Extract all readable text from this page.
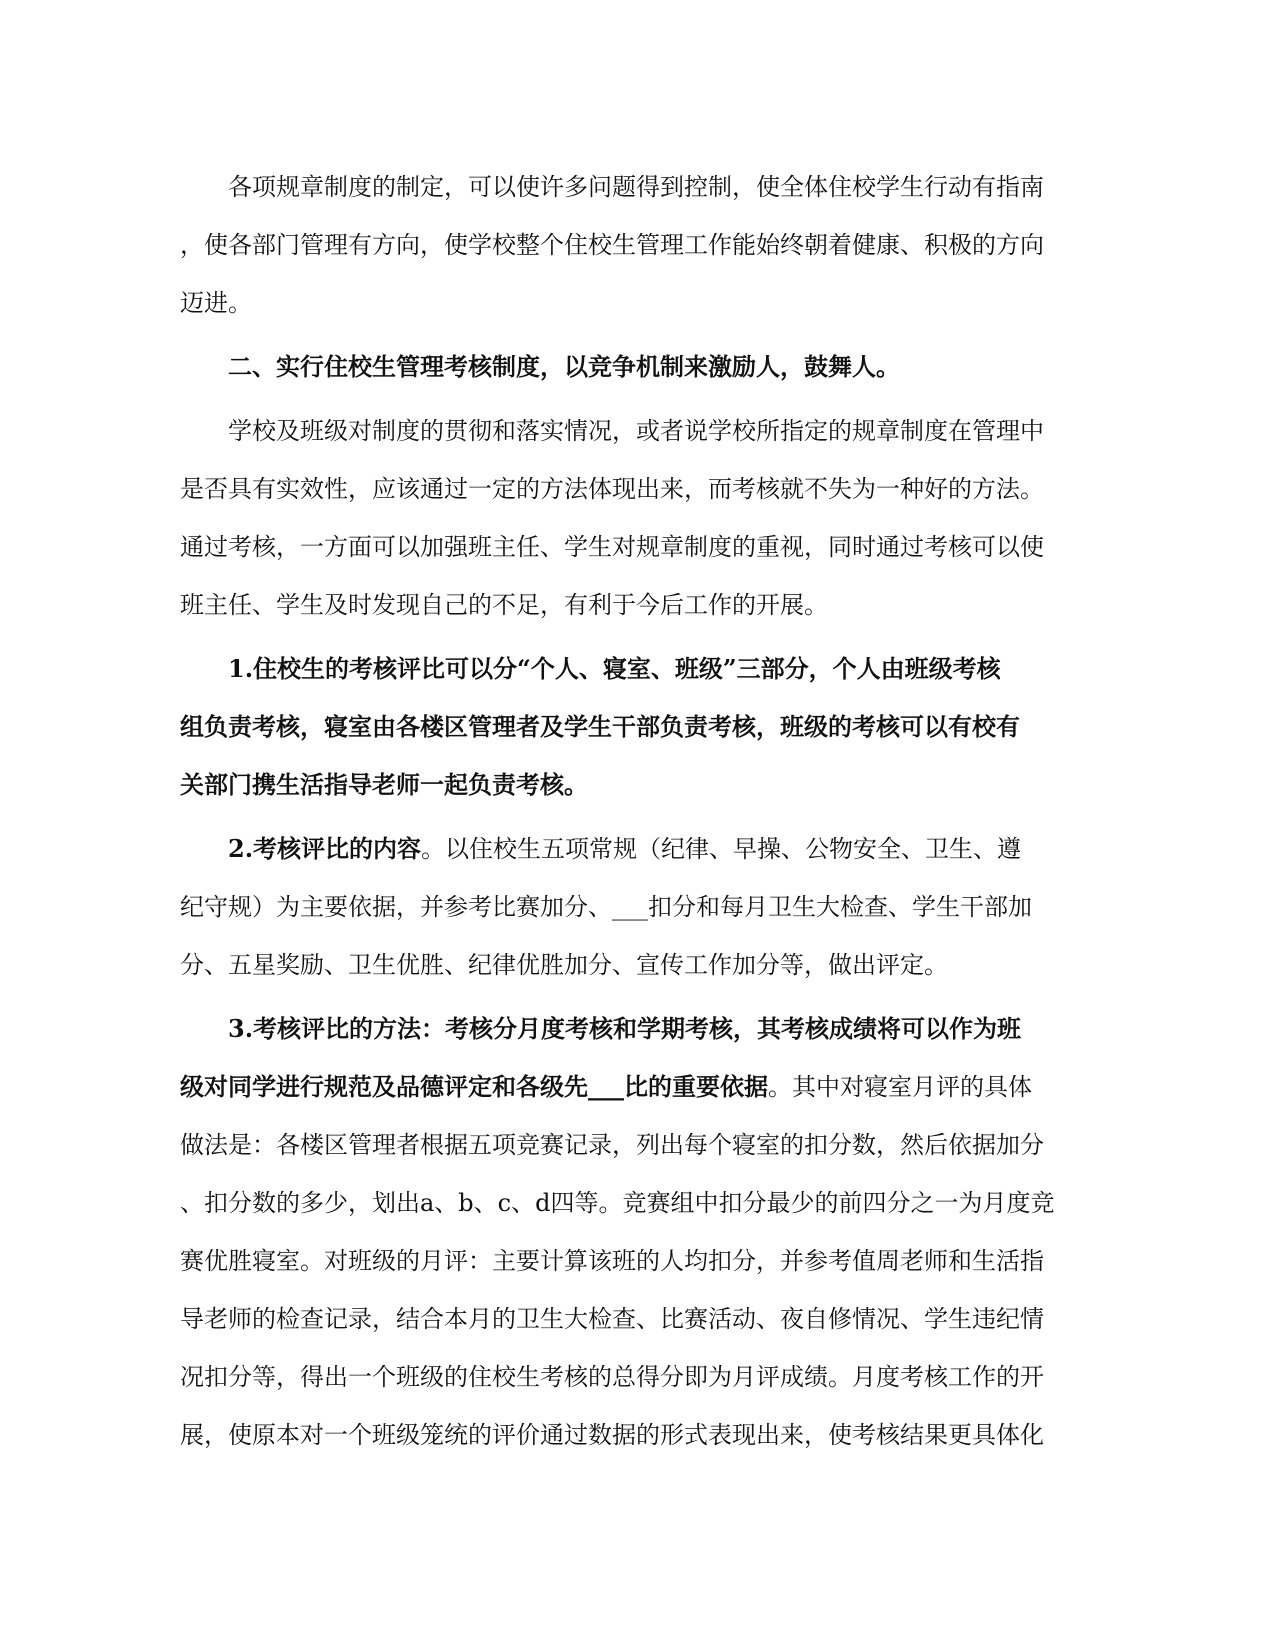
各项规章制度的制定，可以使许多问题得到控制，使全体住校学生行动有指南
，使各部门管理有方向，使学校整个住校生管理工作能始终朝着健康、积极的方向
迈进。
二、实行住校生管理考核制度，以竞争机制来激励人，鼓舞人。
学校及班级对制度的贯彻和落实情况，或者说学校所指定的规章制度在管理中
是否具有实效性，应该通过一定的方法体现出来，而考核就不失为一种好的方法。
通过考核，一方面可以加强班主任、学生对规章制度的重视，同时通过考核可以使
班主任、学生及时发现自己的不足，有利于今后工作的开展。
1.住校生的考核评比可以分“个人、寝室、班级”三部分，个人由班级考核
组负责考核，寝室由各楼区管理者及学生干部负责考核，班级的考核可以有校有
关部门携生活指导老师一起负责考核。
2.考核评比的内容。以住校生五项常规（纪律、早操、公物安全、卫生、遵
纪守规）为主要依据，并参考比赛加分、___扣分和每月卫生大检查、学生干部加
分、五星奖励、卫生优胜、纪律优胜加分、宣传工作加分等，做出评定。
3.考核评比的方法：考核分月度考核和学期考核，其考核成绩将可以作为班
级对同学进行规范及品德评定和各级先___比的重要依据。其中对寝室月评的具体
做法是：各楼区管理者根据五项竞赛记录，列出每个寝室的扣分数，然后依据加分
、扣分数的多少，划出a、b、c、d四等。竞赛组中扣分最少的前四分之一为月度竞
赛优胜寝室。对班级的月评：主要计算该班的人均扣分，并参考值周老师和生活指
导老师的检查记录，结合本月的卫生大检查、比赛活动、夜自修情况、学生违纪情
况扣分等，得出一个班级的住校生考核的总得分即为月评成绩。月度考核工作的开
展，使原本对一个班级笼统的评价通过数据的形式表现出来，使考核结果更具体化
